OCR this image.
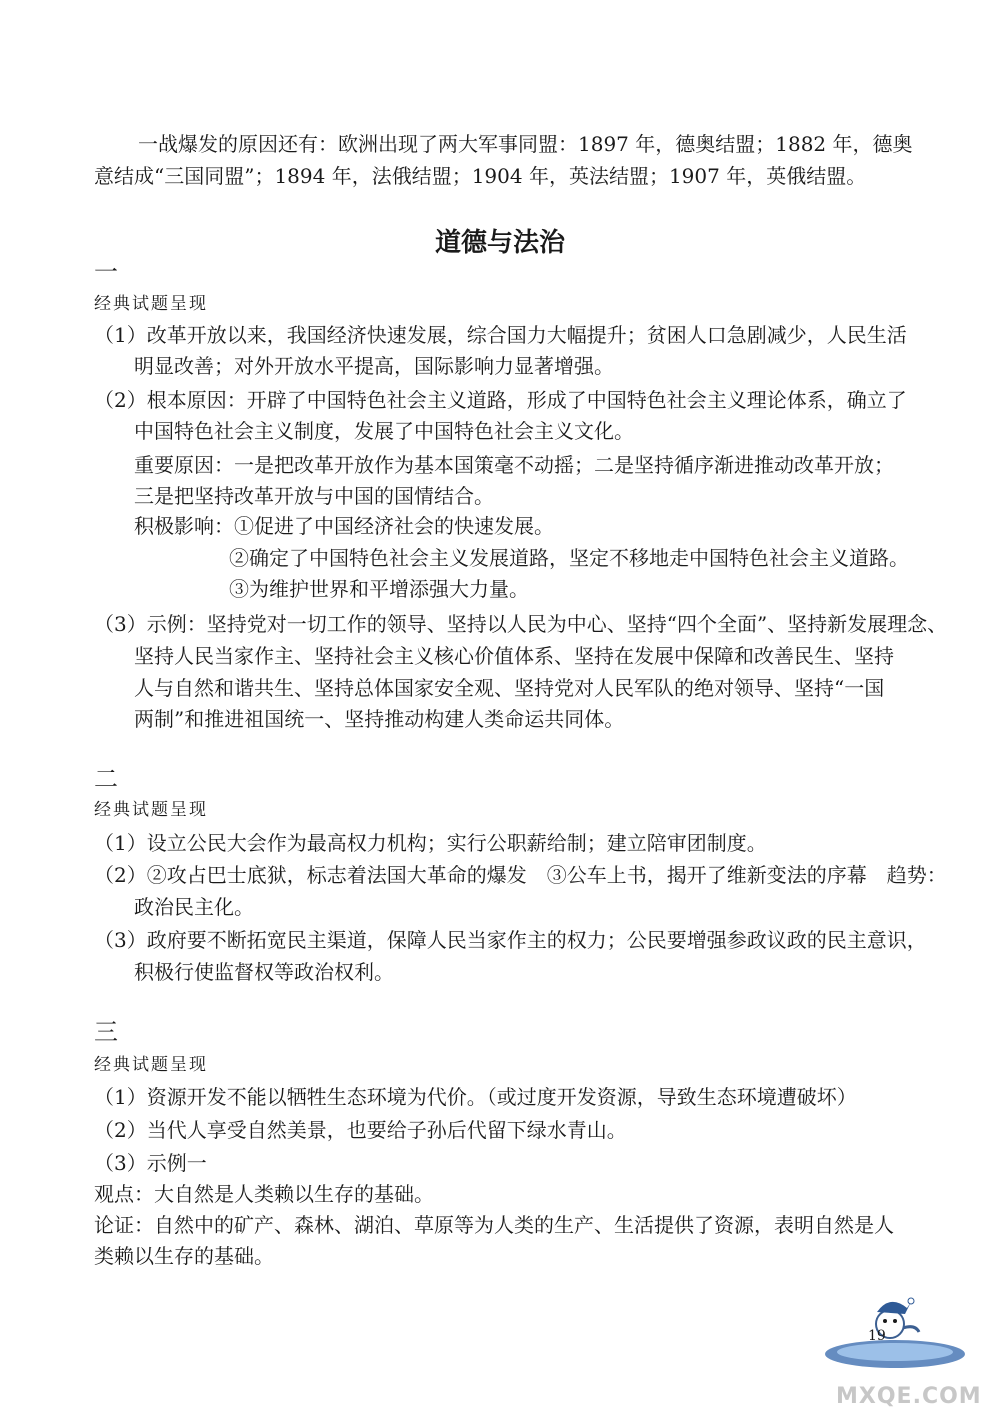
一战爆发的原因还有：欧洲出现了两大军事同盟：1897 年，德奥结盟；1882 年，德奥
意结成“三国同盟”；1894 年，法俄结盟；1904 年，英法结盟；1907 年，英俄结盟。
道德与法治
一
经典试题呈现
（1）改革开放以来，我国经济快速发展，综合国力大幅提升；贫困人口急剧减少，人民生活
明显改善；对外开放水平提高，国际影响力显著增强。
（2）根本原因：开辟了中国特色社会主义道路，形成了中国特色社会主义理论体系，确立了
中国特色社会主义制度，发展了中国特色社会主义文化。
重要原因：一是把改革开放作为基本国策毫不动摇；二是坚持循序渐进推动改革开放；
三是把坚持改革开放与中国的国情结合。
积极影响：①促进了中国经济社会的快速发展。
②确定了中国特色社会主义发展道路，坚定不移地走中国特色社会主义道路。
③为维护世界和平增添强大力量。
（3）示例：坚持党对一切工作的领导、坚持以人民为中心、坚持“四个全面”、坚持新发展理念、
坚持人民当家作主、坚持社会主义核心价值体系、坚持在发展中保障和改善民生、坚持
人与自然和谐共生、坚持总体国家安全观、坚持党对人民军队的绝对领导、坚持“一国
两制”和推进祖国统一、坚持推动构建人类命运共同体。
二
经典试题呈现
（1）设立公民大会作为最高权力机构；实行公职薪给制；建立陪审团制度。
（2）②攻占巴士底狱，标志着法国大革命的爆发　③公车上书，揭开了维新变法的序幕　趋势：
政治民主化。
（3）政府要不断拓宽民主渠道，保障人民当家作主的权力；公民要增强参政议政的民主意识，
积极行使监督权等政治权利。
三
经典试题呈现
（1）资源开发不能以牺牲生态环境为代价。（或过度开发资源，导致生态环境遭破坏）
（2）当代人享受自然美景，也要给子孙后代留下绿水青山。
（3）示例一
观点：大自然是人类赖以生存的基础。
论证：自然中的矿产、森林、湖泊、草原等为人类的生产、生活提供了资源，表明自然是人
类赖以生存的基础。
19
MXQE.COM
